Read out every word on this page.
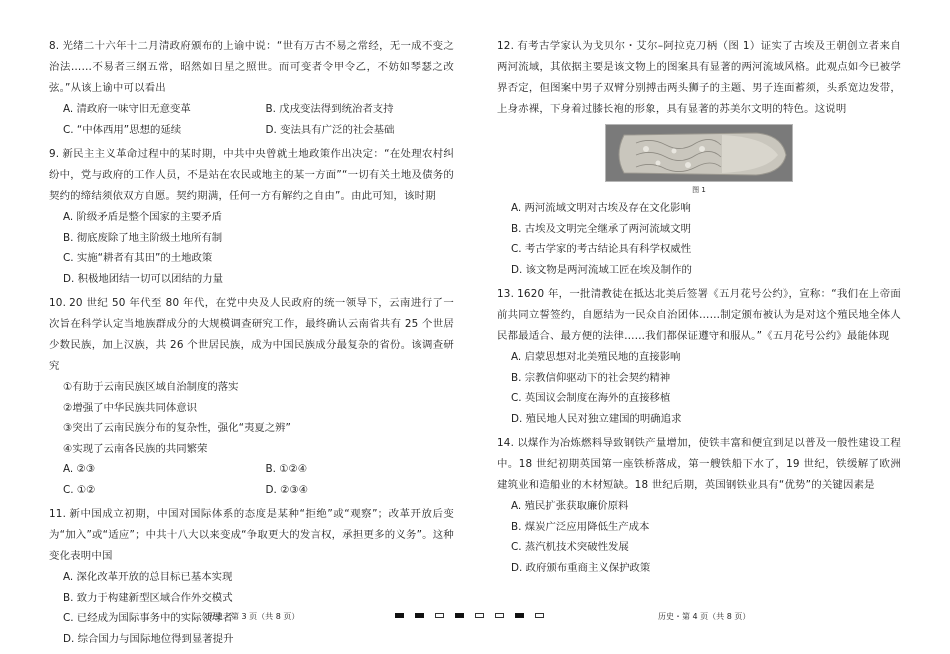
8. 光绪二十六年十二月清政府颁布的上谕中说：“世有万古不易之常经，无一成不变之治法……不易者三纲五常，昭然如日星之照世。而可变者令甲令乙，不妨如琴瑟之改弦。”从该上谕中可以看出

A. 清政府一味守旧无意变革	B. 戊戌变法得到统治者支持
C. “中体西用”思想的延续	D. 变法具有广泛的社会基础

9. 新民主主义革命过程中的某时期，中共中央曾就土地政策作出决定：“在处理农村纠纷中，党与政府的工作人员，不是站在农民或地主的某一方面”“一切有关土地及债务的契约的缔结须依双方自愿。契约期满，任何一方有解约之自由”。由此可知，该时期

A. 阶级矛盾是整个国家的主要矛盾
B. 彻底废除了地主阶级土地所有制
C. 实施“耕者有其田”的土地政策
D. 积极地团结一切可以团结的力量

10. 20 世纪 50 年代至 80 年代，在党中央及人民政府的统一领导下，云南进行了一次旨在科学认定当地族群成分的大规模调查研究工作，最终确认云南省共有 25 个世居少数民族，加上汉族，共 26 个世居民族，成为中国民族成分最复杂的省份。该调查研究

①有助于云南民族区域自治制度的落实
②增强了中华民族共同体意识
③突出了云南民族分布的复杂性，强化“夷夏之辨”
④实现了云南各民族的共同繁荣
A. ②③	B. ①②④
C. ①②	D. ②③④

11. 新中国成立初期，中国对国际体系的态度是某种“拒绝”或“观察”；改革开放后变为“加入”或“适应”；中共十八大以来变成“争取更大的发言权，承担更多的义务”。这种变化表明中国

A. 深化改革开放的总目标已基本实现
B. 致力于构建新型区域合作外交模式
C. 已经成为国际事务中的实际领导者
D. 综合国力与国际地位得到显著提升

12. 有考古学家认为戈贝尔・艾尔–阿拉克刀柄（图 1）证实了古埃及王朝创立者来自两河流域，其依据主要是该文物上的图案具有显著的两河流域风格。此观点如今已被学界否定，但图案中男子双臂分别搏击两头狮子的主题、男子连面蓄须，头系宽边发带，上身赤裸，下身着过膝长袍的形象，具有显著的苏美尔文明的特色。这说明

图 1
A. 两河流域文明对古埃及存在文化影响
B. 古埃及文明完全继承了两河流域文明
C. 考古学家的考古结论具有科学权威性
D. 该文物是两河流域工匠在埃及制作的

13. 1620 年，一批清教徒在抵达北美后签署《五月花号公约》，宣称：“我们在上帝面前共同立誓签约，自愿结为一民众自治团体……制定颁布被认为是对这个殖民地全体人民都最适合、最方便的法律……我们都保证遵守和服从。”《五月花号公约》最能体现

A. 启蒙思想对北美殖民地的直接影响
B. 宗教信仰驱动下的社会契约精神
C. 英国议会制度在海外的直接移植
D. 殖民地人民对独立建国的明确追求

14. 以煤作为冶炼燃料导致钢铁产量增加，使铁丰富和便宜到足以普及一般性建设工程中。18 世纪初期英国第一座铁桥落成，第一艘铁船下水了，19 世纪，铁缓解了欧洲建筑业和造船业的木材短缺。18 世纪后期，英国钢铁业具有“优势”的关键因素是

A. 殖民扩张获取廉价原料
B. 煤炭广泛应用降低生产成本
C. 蒸汽机技术突破性发展
D. 政府颁布重商主义保护政策
历史・第 3 页（共 8 页）	历史・第 4 页（共 8 页）
